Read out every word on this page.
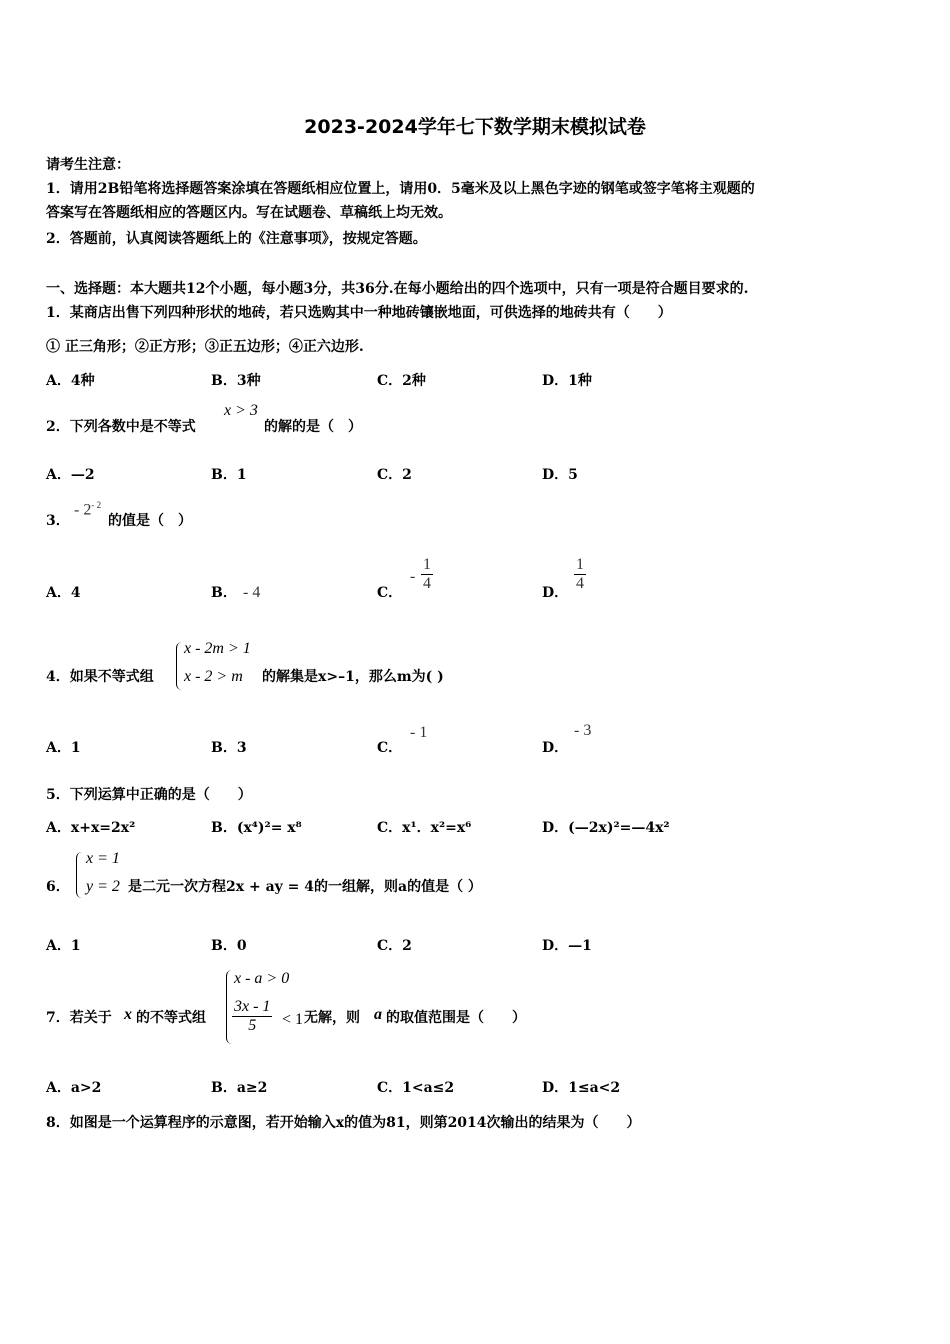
2023-2024学年七下数学期末模拟试卷
请考生注意：
1．请用2B铅笔将选择题答案涂填在答题纸相应位置上，请用0．5毫米及以上黑色字迹的钢笔或签字笔将主观题的
答案写在答题纸相应的答题区内。写在试题卷、草稿纸上均无效。
2．答题前，认真阅读答题纸上的《注意事项》，按规定答题。
一、选择题：本大题共12个小题，每小题3分，共36分.在每小题给出的四个选项中，只有一项是符合题目要求的.
1．某商店出售下列四种形状的地砖，若只选购其中一种地砖镶嵌地面，可供选择的地砖共有（　　）
① 正三角形；②正方形；③正五边形；④正六边形.
A．4种	B．3种	C．2种	D．1种
2．下列各数中是不等式
x > 3
的解的是（　）
A．—2	B．1	C．2	D．5
3．
- $2^{- 2}$
的值是（　）
A．4	B． - 4	C．
- $\frac{1}{4}$	D． $\frac{1}{4}$
4．如果不等式组
x - 2m > 1
x - 2 > m 的解集是x>–1，那么m为( )
A．1	B．3	C．
- 1
D．
- 3
5．下列运算中正确的是（　　）
A．x+x=2x²	B．(x⁴)²= x⁸	C．x¹．x²=x⁶	D．(—2x)²=—4x²
6．
x = 1
y = 2 是二元一次方程2x + ay = 4的一组解，则a的值是（ ）
A．1	B．0	C．2	D．—1
7．若关于 x 的不等式组
x - a > 0
$\frac{3x - 1}{5} < 1$ 无解，则 a 的取值范围是（　　）
A．a>2	B．a≥2	C．1<a≤2	D．1≤a<2
8．如图是一个运算程序的示意图，若开始输入x的值为81，则第2014次输出的结果为（　　）
